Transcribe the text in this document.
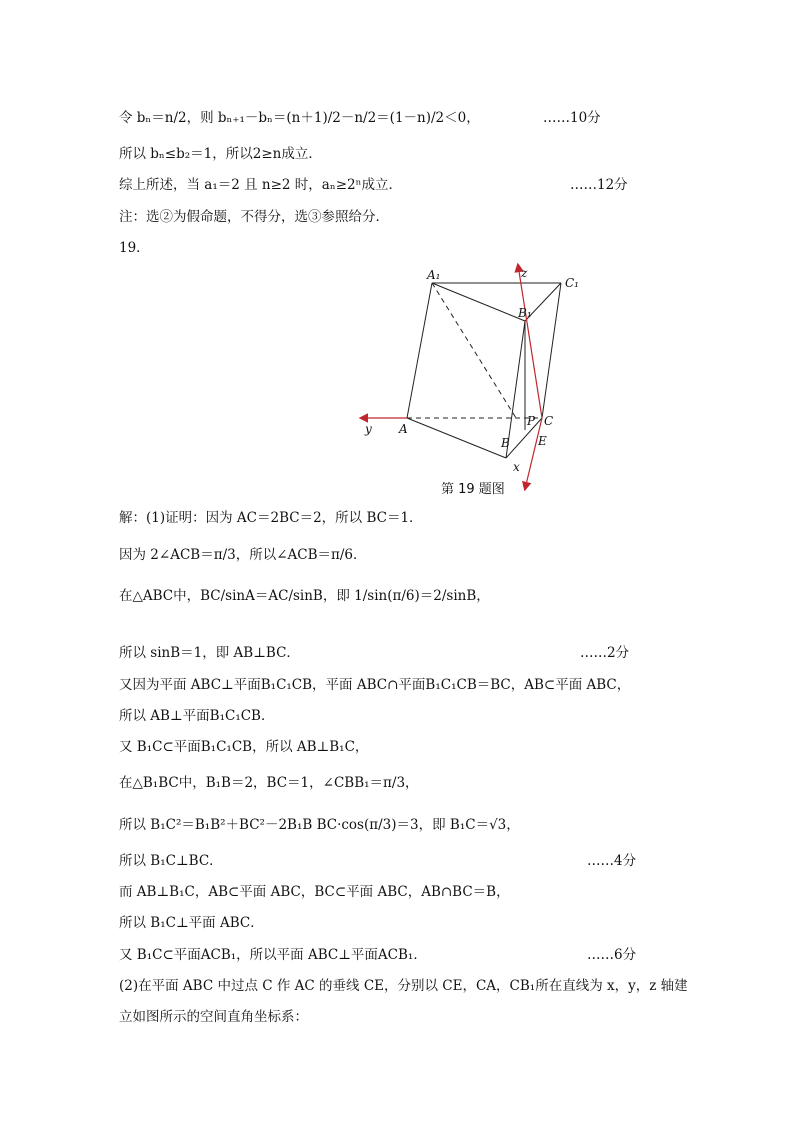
令 bₙ＝n/2，则 bₙ₊₁－bₙ＝(n＋1)/2－n/2＝(1－n)/2＜0，	……10分
所以 bₙ≤b₂＝1，所以2≥n成立．
综上所述，当 a₁＝2 且 n≥2 时，aₙ≥2ⁿ成立．	……12分
注：选②为假命题，不得分，选③参照给分．
19．
A₁
C₁
B₁
A
B
C
P
E
x
y
z
第 19 题图
解：(1)证明：因为 AC＝2BC＝2，所以 BC＝1．
因为 2∠ACB＝π/3，所以∠ACB＝π/6．
在△ABC中，BC/sinA＝AC/sinB，即 1/sin(π/6)＝2/sinB，
所以 sinB＝1，即 AB⊥BC．	……2分
又因为平面 ABC⊥平面B₁C₁CB，平面 ABC∩平面B₁C₁CB＝BC，AB⊂平面 ABC，
所以 AB⊥平面B₁C₁CB．
又 B₁C⊂平面B₁C₁CB，所以 AB⊥B₁C，
在△B₁BC中，B₁B＝2，BC＝1，∠CBB₁＝π/3，
所以 B₁C²＝B₁B²＋BC²－2B₁B BC·cos(π/3)＝3，即 B₁C＝√3，
所以 B₁C⊥BC．	……4分
而 AB⊥B₁C，AB⊂平面 ABC，BC⊂平面 ABC，AB∩BC＝B，
所以 B₁C⊥平面 ABC．
又 B₁C⊂平面ACB₁，所以平面 ABC⊥平面ACB₁．	……6分
(2)在平面 ABC 中过点 C 作 AC 的垂线 CE，分别以 CE，CA，CB₁所在直线为 x，y，z 轴建
立如图所示的空间直角坐标系：
